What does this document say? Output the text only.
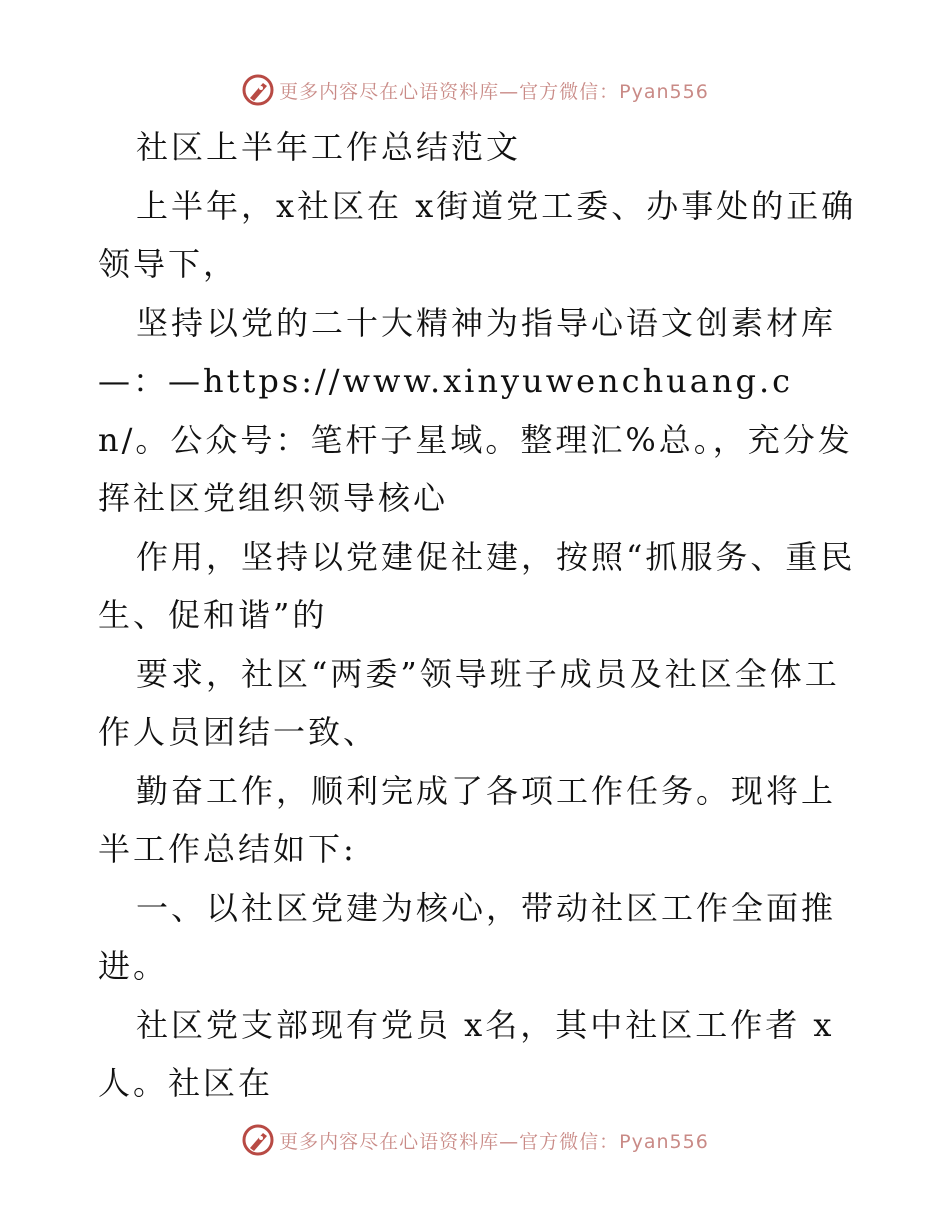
更多内容尽在心语资料库—官方微信：Pyan556

社区上半年工作总结范文

上半年，x社区在 x街道党工委、办事处的正确领导下，

坚持以党的二十大精神为指导心语文创素材库—：—https://www.xinyuwenchuang.cn/。公众号：笔杆子星域。整理汇%总。，充分发挥社区党组织领导核心

作用，坚持以党建促社建，按照“抓服务、重民生、促和谐”的

要求，社区“两委”领导班子成员及社区全体工作人员团结一致、

勤奋工作，顺利完成了各项工作任务。现将上半工作总结如下:

一、以社区党建为核心，带动社区工作全面推进。

社区党支部现有党员 x名，其中社区工作者 x人。社区在

更多内容尽在心语资料库—官方微信：Pyan556
